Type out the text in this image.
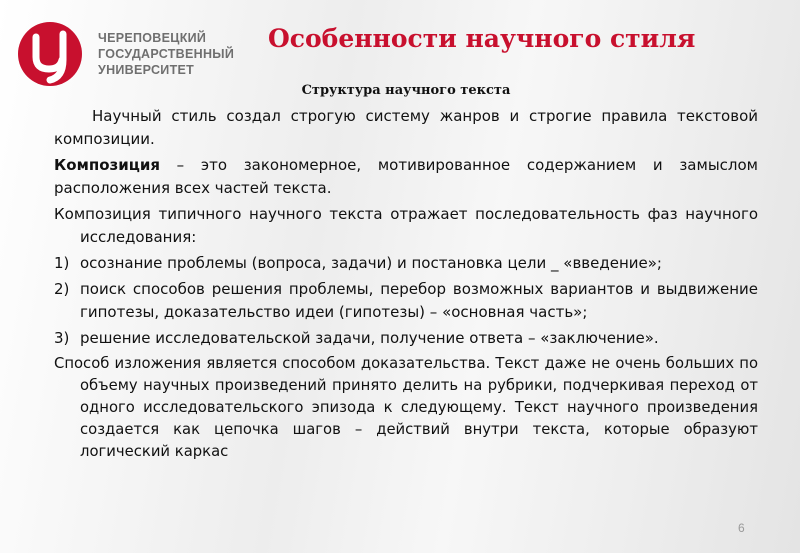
ЧЕРЕПОВЕЦКИЙ
ГОСУДАРСТВЕННЫЙ
УНИВЕРСИТЕТ
Особенности научного стиля
Структура научного текста
Научный стиль создал строгую систему жанров и строгие правила текстовой композиции.
Композиция – это закономерное, мотивированное содержанием и замыслом расположения всех частей текста.
Композиция типичного научного текста отражает последовательность фаз научного исследования:
1) осознание проблемы (вопроса, задачи) и постановка цели _ «введение»;
2) поиск способов решения проблемы, перебор возможных вариантов и выдвижение гипотезы, доказательство идеи (гипотезы) – «основная часть»;
3) решение исследовательской задачи, получение ответа – «заключение».
Способ изложения является способом доказательства. Текст даже не очень больших по объему научных произведений принято делить на рубрики, подчеркивая переход от одного исследовательского эпизода к следующему. Текст научного произведения создается как цепочка шагов – действий внутри текста, которые образуют логический каркас
6
